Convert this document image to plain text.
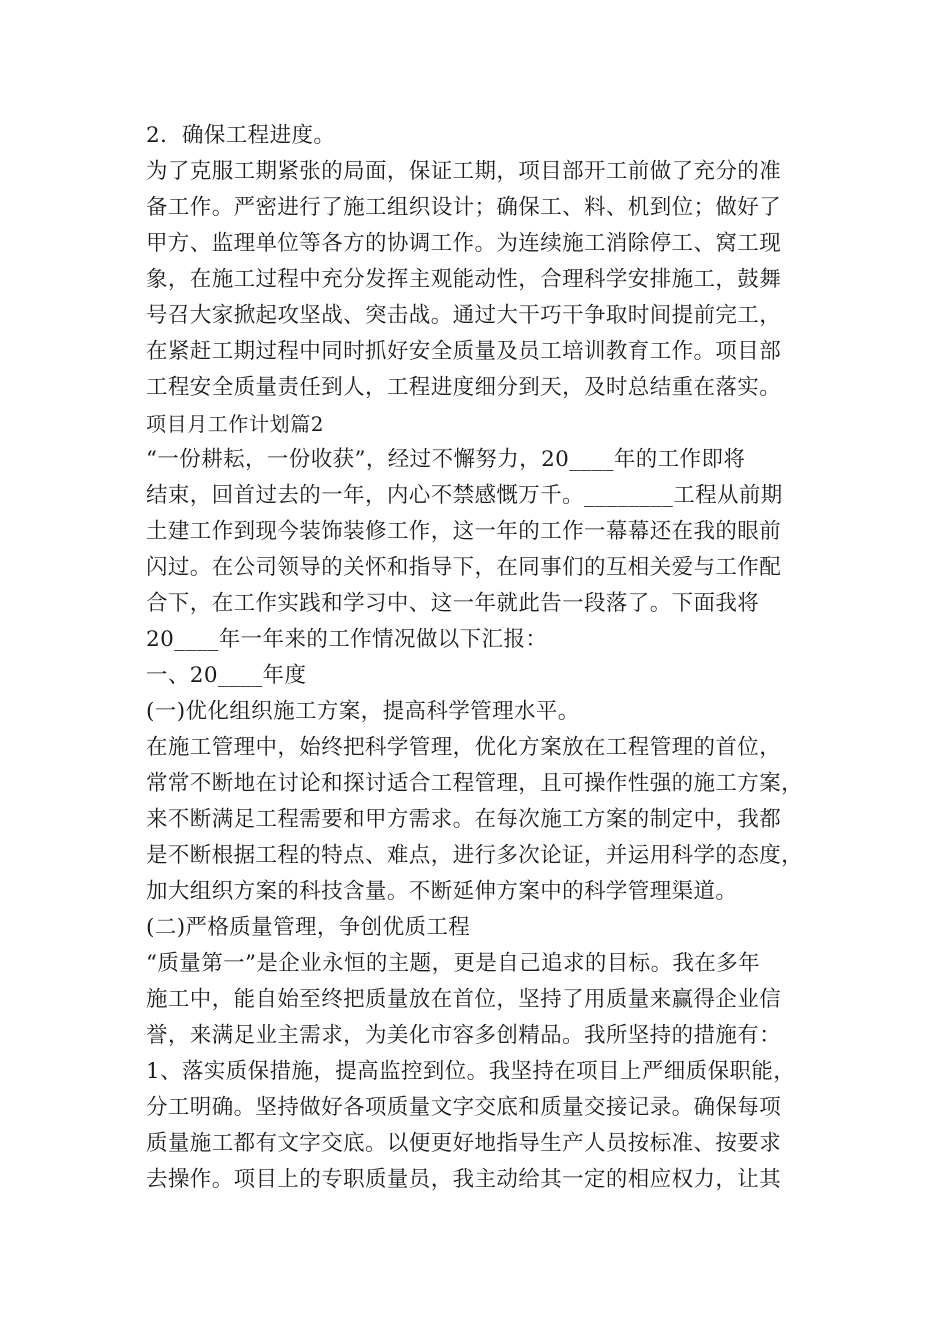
2．确保工程进度。
为了克服工期紧张的局面，保证工期，项目部开工前做了充分的准
备工作。严密进行了施工组织设计；确保工、料、机到位；做好了
甲方、监理单位等各方的协调工作。为连续施工消除停工、窝工现
象，在施工过程中充分发挥主观能动性，合理科学安排施工，鼓舞
号召大家掀起攻坚战、突击战。通过大干巧干争取时间提前完工，
在紧赶工期过程中同时抓好安全质量及员工培训教育工作。项目部
工程安全质量责任到人，工程进度细分到天，及时总结重在落实。
项目月工作计划篇2
“一份耕耘，一份收获”，经过不懈努力，20____年的工作即将
结束，回首过去的一年，内心不禁感慨万千。________工程从前期
土建工作到现今装饰装修工作，这一年的工作一幕幕还在我的眼前
闪过。在公司领导的关怀和指导下，在同事们的互相关爱与工作配
合下，在工作实践和学习中、这一年就此告一段落了。下面我将
20____年一年来的工作情况做以下汇报：
一、20____年度
(一)优化组织施工方案，提高科学管理水平。
在施工管理中，始终把科学管理，优化方案放在工程管理的首位，
常常不断地在讨论和探讨适合工程管理，且可操作性强的施工方案，
来不断满足工程需要和甲方需求。在每次施工方案的制定中，我都
是不断根据工程的特点、难点，进行多次论证，并运用科学的态度，
加大组织方案的科技含量。不断延伸方案中的科学管理渠道。
(二)严格质量管理，争创优质工程
“质量第一”是企业永恒的主题，更是自己追求的目标。我在多年
施工中，能自始至终把质量放在首位，坚持了用质量来赢得企业信
誉，来满足业主需求，为美化市容多创精品。我所坚持的措施有：
1、落实质保措施，提高监控到位。我坚持在项目上严细质保职能，
分工明确。坚持做好各项质量文字交底和质量交接记录。确保每项
质量施工都有文字交底。以便更好地指导生产人员按标准、按要求
去操作。项目上的专职质量员，我主动给其一定的相应权力，让其
